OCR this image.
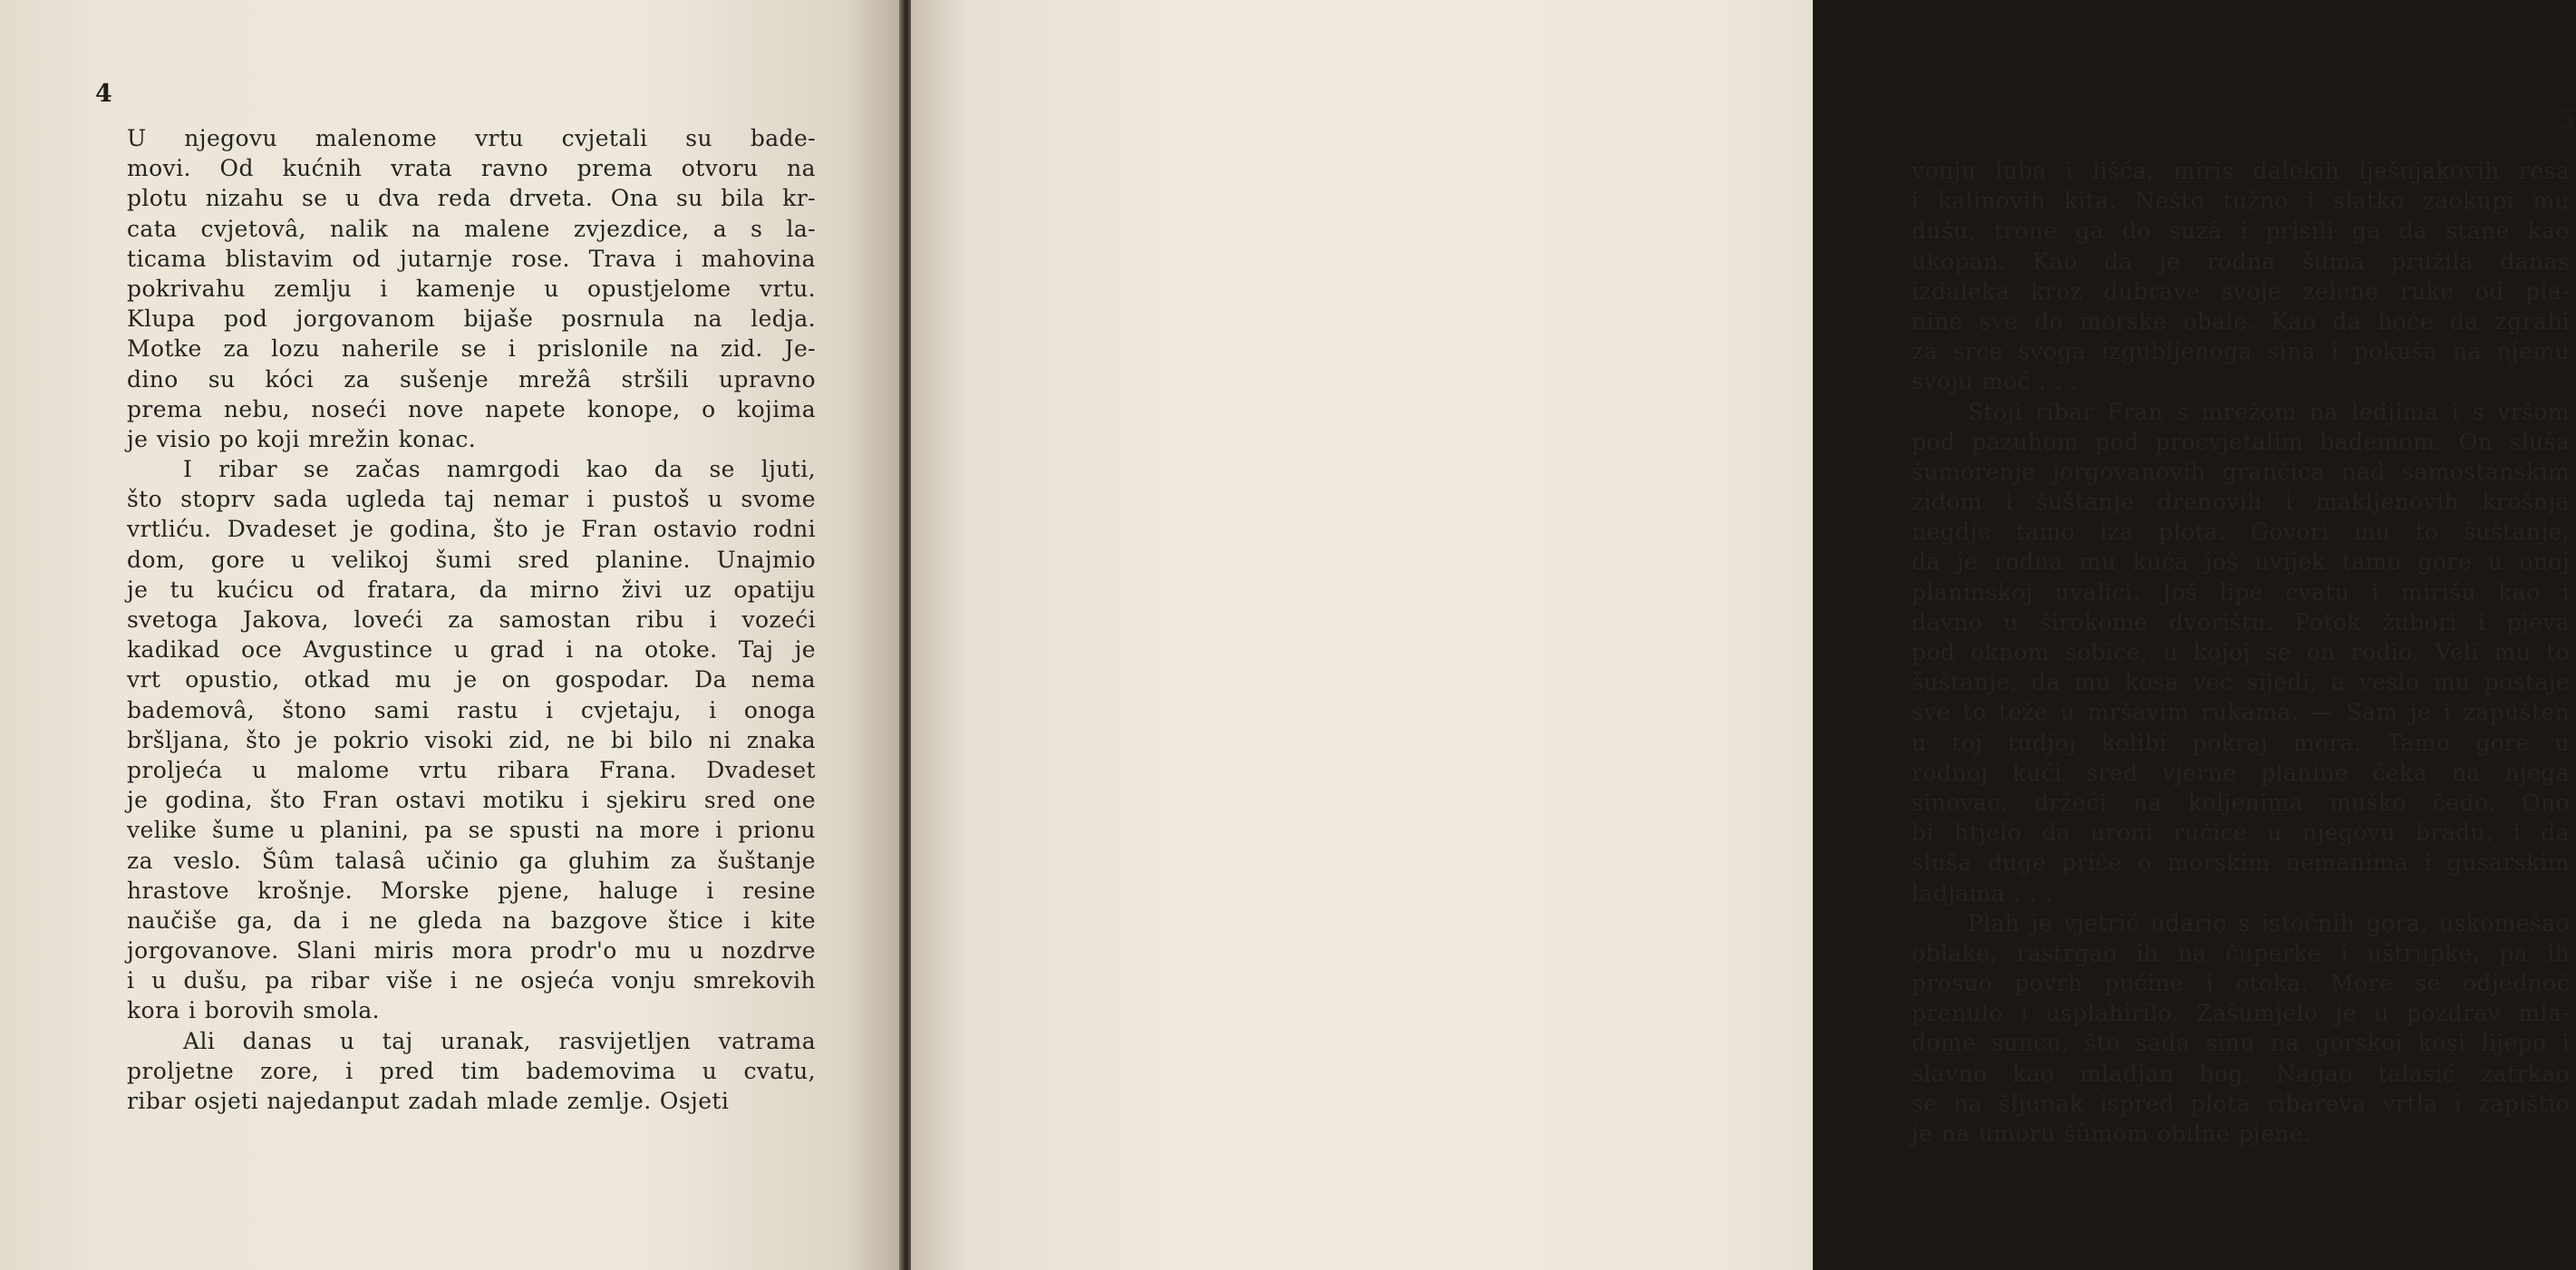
4
U njegovu malenome vrtu cvjetali su bade-
movi. Od kućnih vrata ravno prema otvoru na
plotu nizahu se u dva reda drveta. Ona su bila kr-
cata cvjetovâ, nalik na malene zvjezdice, a s la-
ticama blistavim od jutarnje rose. Trava i mahovina
pokrivahu zemlju i kamenje u opustjelome vrtu.
Klupa pod jorgovanom bijaše posrnula na ledja.
Motke za lozu naherile se i prislonile na zid. Je-
dino su kóci za sušenje mrežâ stršili upravno
prema nebu, noseći nove napete konope, o kojima
je visio po koji mrežin konac.
I ribar se začas namrgodi kao da se ljuti,
što stoprv sada ugleda taj nemar i pustoš u svome
vrtliću. Dvadeset je godina, što je Fran ostavio rodni
dom, gore u velikoj šumi sred planine. Unajmio
je tu kućicu od fratara, da mirno živi uz opatiju
svetoga Jakova, loveći za samostan ribu i vozeći
kadikad oce Avgustince u grad i na otoke. Taj je
vrt opustio, otkad mu je on gospodar. Da nema
bademovâ, štono sami rastu i cvjetaju, i onoga
bršljana, što je pokrio visoki zid, ne bi bilo ni znaka
proljeća u malome vrtu ribara Frana. Dvadeset
je godina, što Fran ostavi motiku i sjekiru sred one
velike šume u planini, pa se spusti na more i prionu
za veslo. Šûm talasâ učinio ga gluhim za šuštanje
hrastove krošnje. Morske pjene, haluge i resine
naučiše ga, da i ne gleda na bazgove štice i kite
jorgovanove. Slani miris mora prodr'o mu u nozdrve
i u dušu, pa ribar više i ne osjeća vonju smrekovih
kora i borovih smola.
Ali danas u taj uranak, rasvijetljen vatrama
proljetne zore, i pred tim bademovima u cvatu,
ribar osjeti najedanput zadah mlade zemlje. Osjeti
5
vonju luba i lišća, miris dalekih lješnjakovih resa
i kalinovih kita. Nešto tužno i slatko zaokupi mu
dušu, trone ga do suzâ i prisili ga da stane kao
ukopan. Kao da je rodna šuma pružila danas
izdaleka kroz dubrave svoje zelene ruke od pla-
nine sve do morske obale. Kao da hoće da zgrabi
za srce svoga izgubljenoga sina i pokuša na njemu
svoju moć . . .
Stoji ribar Fran s mrežom na ledjima i s vršom
pod pazuhom pod procvjetalim bademom. On sluša
šumorenje jorgovanovih grančica nad samostanskim
zidom i šuštanje drenovih i makljenovih krošnja
negdje tamo iza plota. Govori mu to šuštanje,
da je rodna mu kuća još uvijek tamo gore u onoj
planinskoj uvalici. Još lipe cvatu i mirišu kao i
davno u širokome dvorištu. Potok žubori i pjeva
pod oknom sobice, u kojoj se on rodio. Veli mu to
šuštanje, da mu kosa već sijedi, a veslo mu postaje
sve to teže u mršavim rukama. — Sam je i zapušten
u toj tudjoj kolibi pokraj mora. Tamo gore u
rodnoj kući sred vjerne planine čeka na njega
sinovac, držeći na koljenima muško čedo. Ono
bi htjelo da uroni ručice u njegovu bradu, i da
sluša duge priče o morskim nemanima i gusarskim
ladjama . . .
Plah je vjetrić udario s istočnih gora, uskomešao
oblake, rastrgao ih na čuperke i uštrupke, pa ih
prosuo povrh pučine i otoka. More se odjednoč
prenulo i usplahirilo. Zašumjelo je u pozdrav mla-
dome suncu, što sada sinu na gorskoj kosi lijepo i
slavno kao mladjan bog. Nagao talasić zatrkao
se na šljunak ispred plota ribareva vrtla i zapištio
je na umoru šûmom obilne pjene.
